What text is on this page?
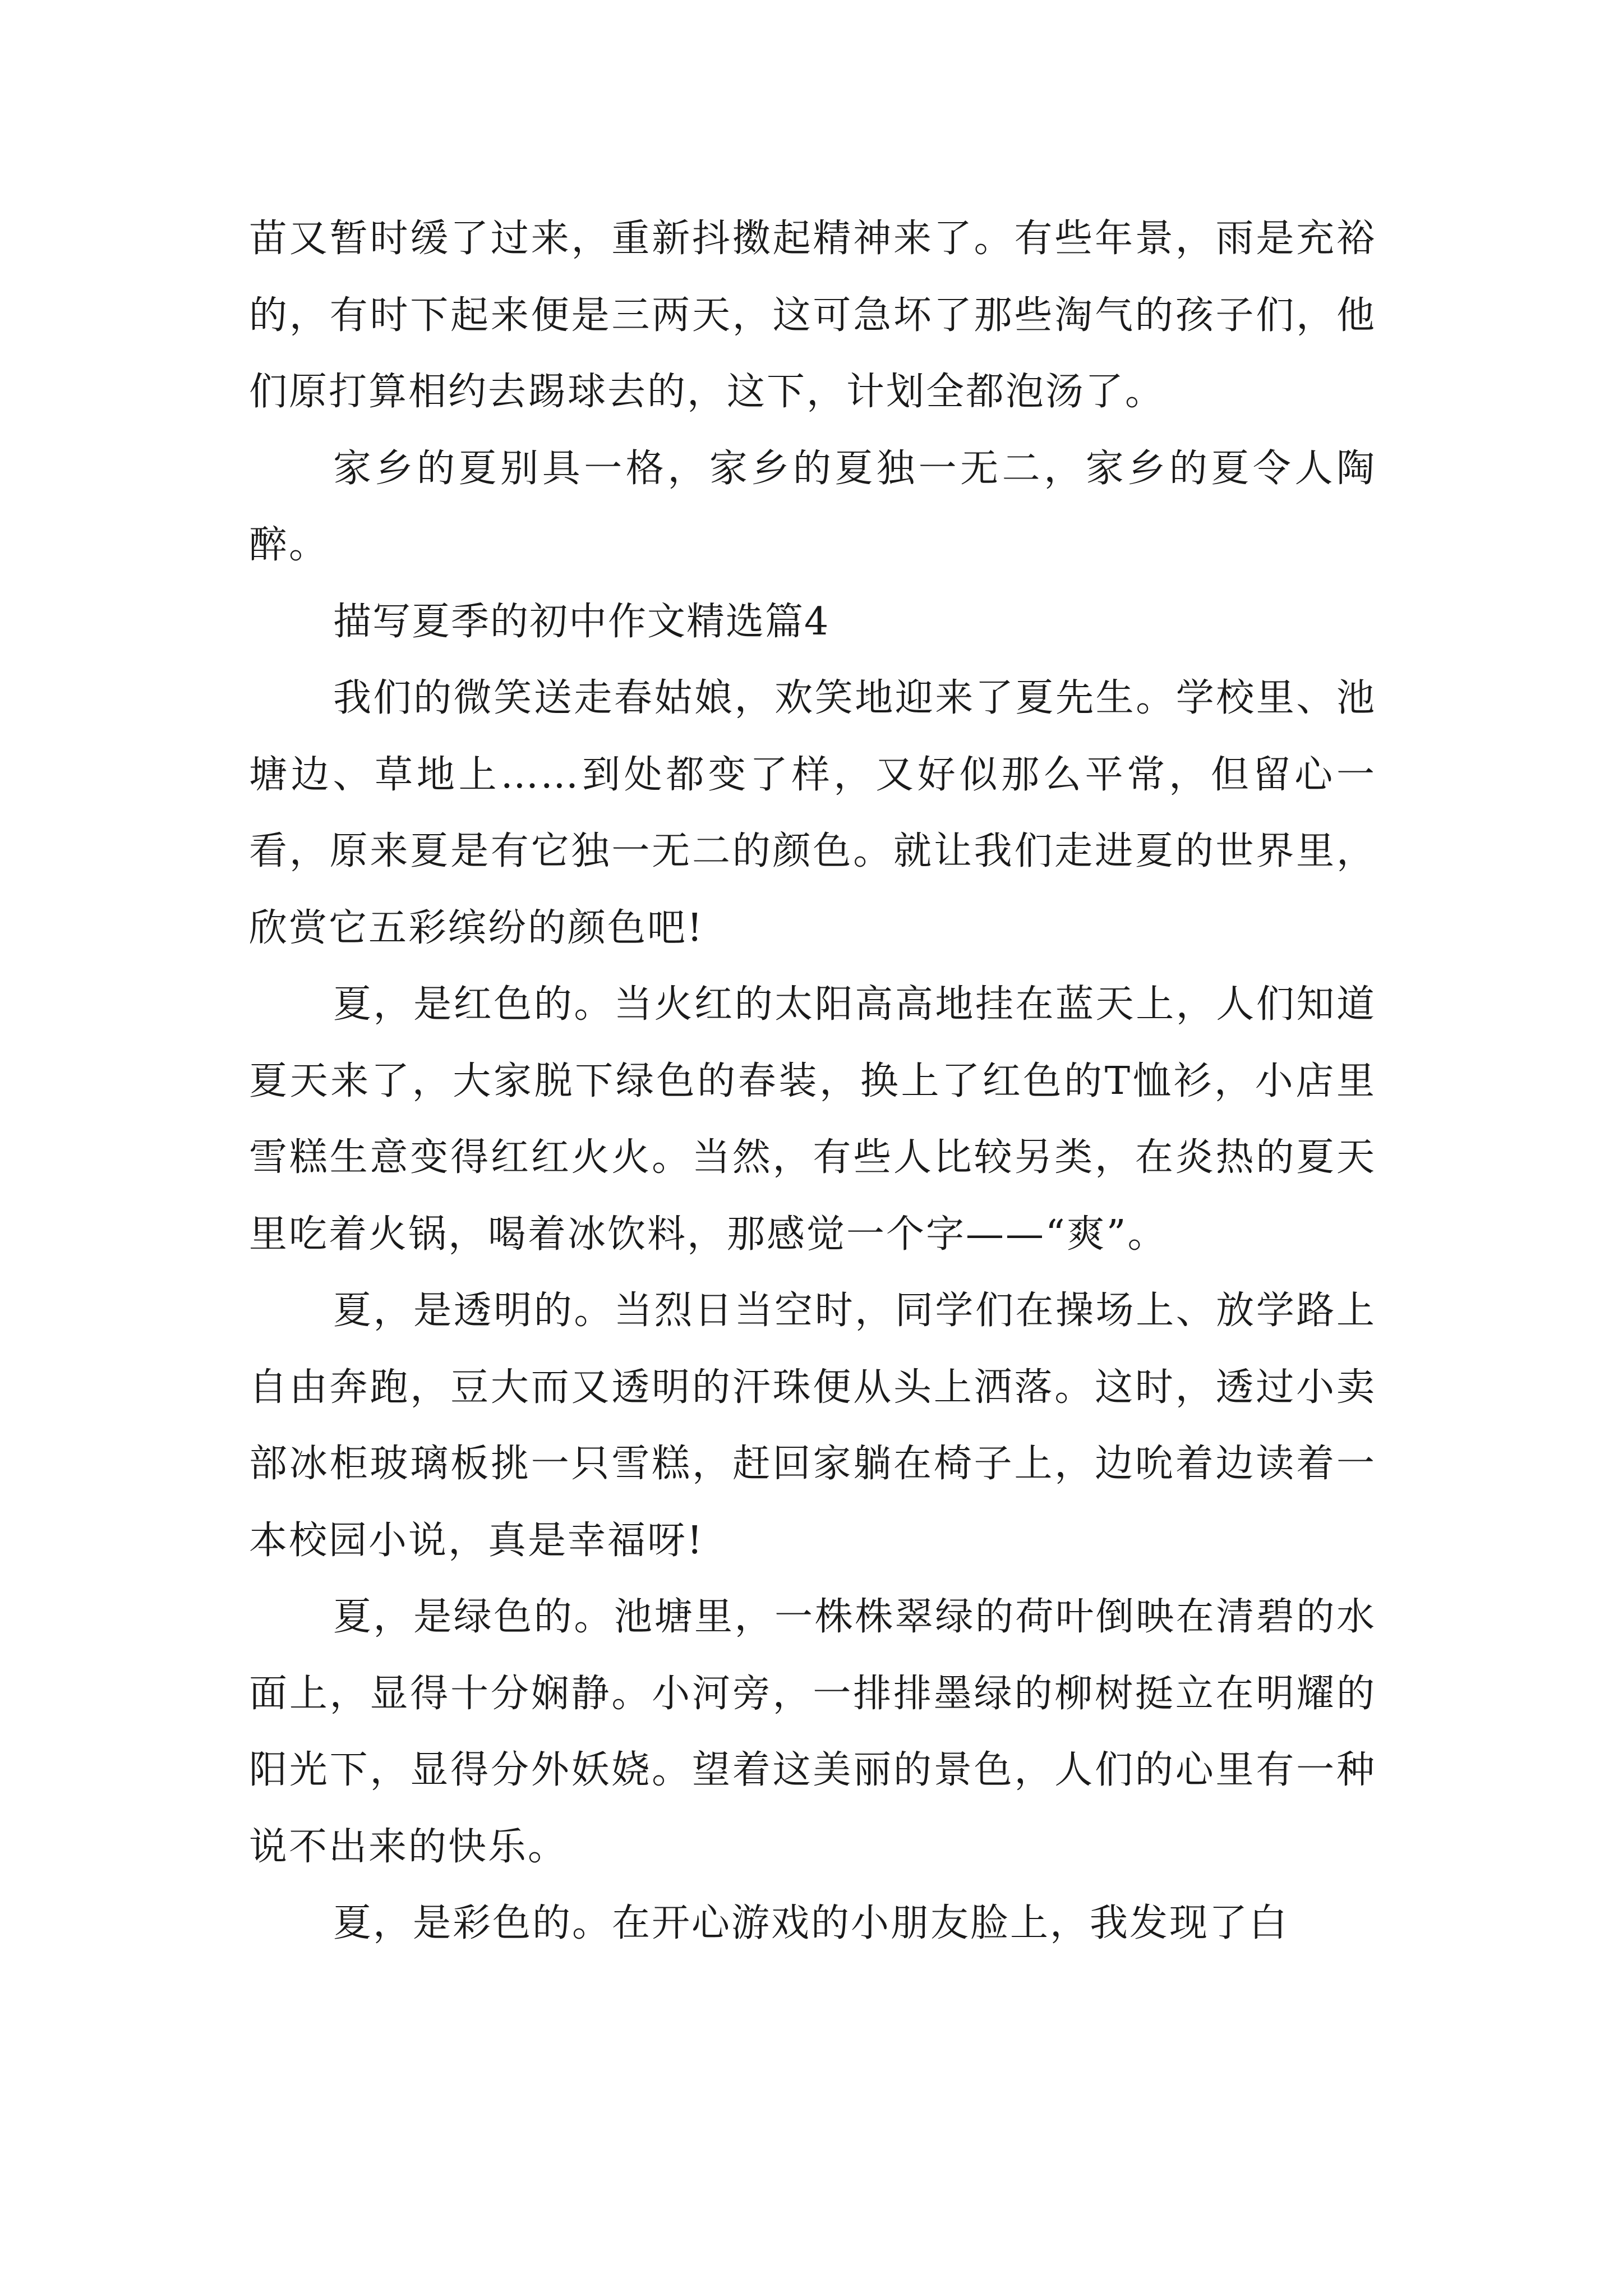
苗又暂时缓了过来，重新抖擞起精神来了。有些年景，雨是充裕的，有时下起来便是三两天，这可急坏了那些淘气的孩子们，他们原打算相约去踢球去的，这下，计划全都泡汤了。

家乡的夏别具一格，家乡的夏独一无二，家乡的夏令人陶醉。

描写夏季的初中作文精选篇4

我们的微笑送走春姑娘，欢笑地迎来了夏先生。学校里、池塘边、草地上……到处都变了样，又好似那么平常，但留心一看，原来夏是有它独一无二的颜色。就让我们走进夏的世界里，欣赏它五彩缤纷的颜色吧!

夏，是红色的。当火红的太阳高高地挂在蓝天上，人们知道夏天来了，大家脱下绿色的春装，换上了红色的T恤衫，小店里雪糕生意变得红红火火。当然，有些人比较另类，在炎热的夏天里吃着火锅，喝着冰饮料，那感觉一个字——“爽”。

夏，是透明的。当烈日当空时，同学们在操场上、放学路上自由奔跑，豆大而又透明的汗珠便从头上洒落。这时，透过小卖部冰柜玻璃板挑一只雪糕，赶回家躺在椅子上，边吮着边读着一本校园小说，真是幸福呀!

夏，是绿色的。池塘里，一株株翠绿的荷叶倒映在清碧的水面上，显得十分娴静。小河旁，一排排墨绿的柳树挺立在明耀的阳光下，显得分外妖娆。望着这美丽的景色，人们的心里有一种说不出来的快乐。

夏，是彩色的。在开心游戏的小朋友脸上，我发现了白
